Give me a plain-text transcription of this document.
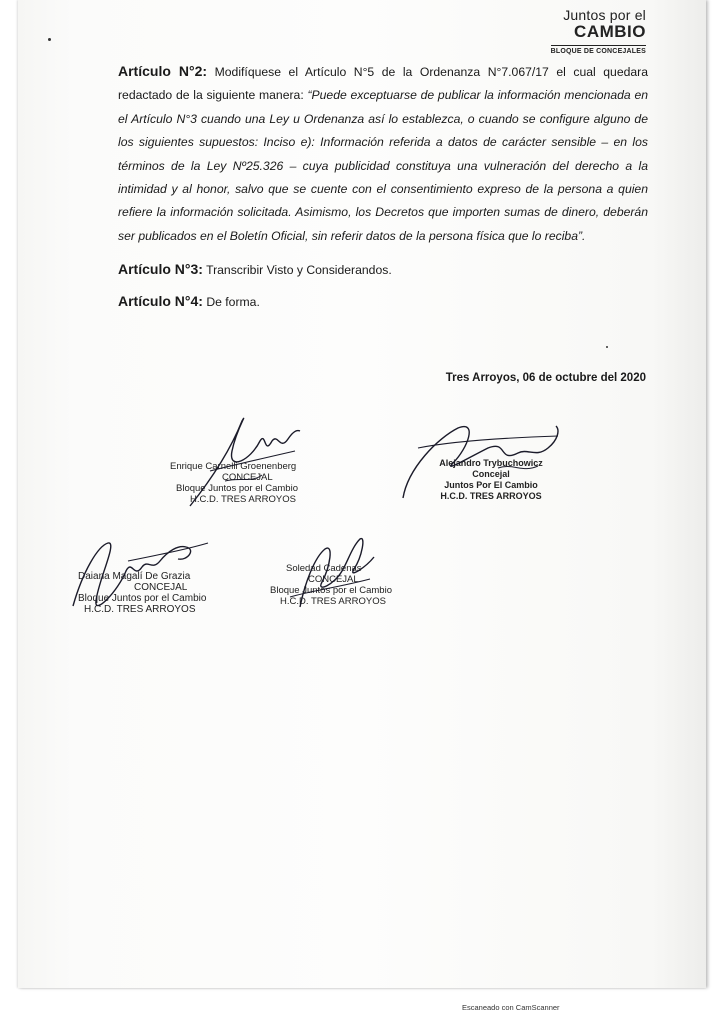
Juntos por el
CAMBIO
BLOQUE DE CONCEJALES

Artículo N°2: Modifíquese el Artículo N°5 de la Ordenanza N°7.067/17 el cual quedara redactado de la siguiente manera: “Puede exceptuarse de publicar la información mencionada en el Artículo N°3 cuando una Ley u Ordenanza así lo establezca, o cuando se configure alguno de los siguientes supuestos: Inciso e): Información referida a datos de carácter sensible – en los términos de la Ley Nº25.326 – cuya publicidad constituya una vulneración del derecho a la intimidad y al honor, salvo que se cuente con el consentimiento expreso de la persona a quien refiere la información solicitada. Asimismo, los Decretos que importen sumas de dinero, deberán ser publicados en el Boletín Oficial, sin referir datos de la persona física que lo reciba”.

Artículo N°3: Transcribir Visto y Considerandos.

Artículo N°4: De forma.

Tres Arroyos, 06 de octubre del 2020
Enrique Carnelli Groenenberg
CONCEJAL
Bloque Juntos por el Cambio
H.C.D. TRES ARROYOS
Alejandro Trybuchowicz
Concejal
Juntos Por El Cambio
H.C.D. TRES ARROYOS
Daiana Magalí De Grazia
CONCEJAL
Bloque Juntos por el Cambio
H.C.D. TRES ARROYOS
Soledad Cadenas
CONCEJAL
Bloque Juntos por el Cambio
H.C.D. TRES ARROYOS
Escaneado con CamScanner
